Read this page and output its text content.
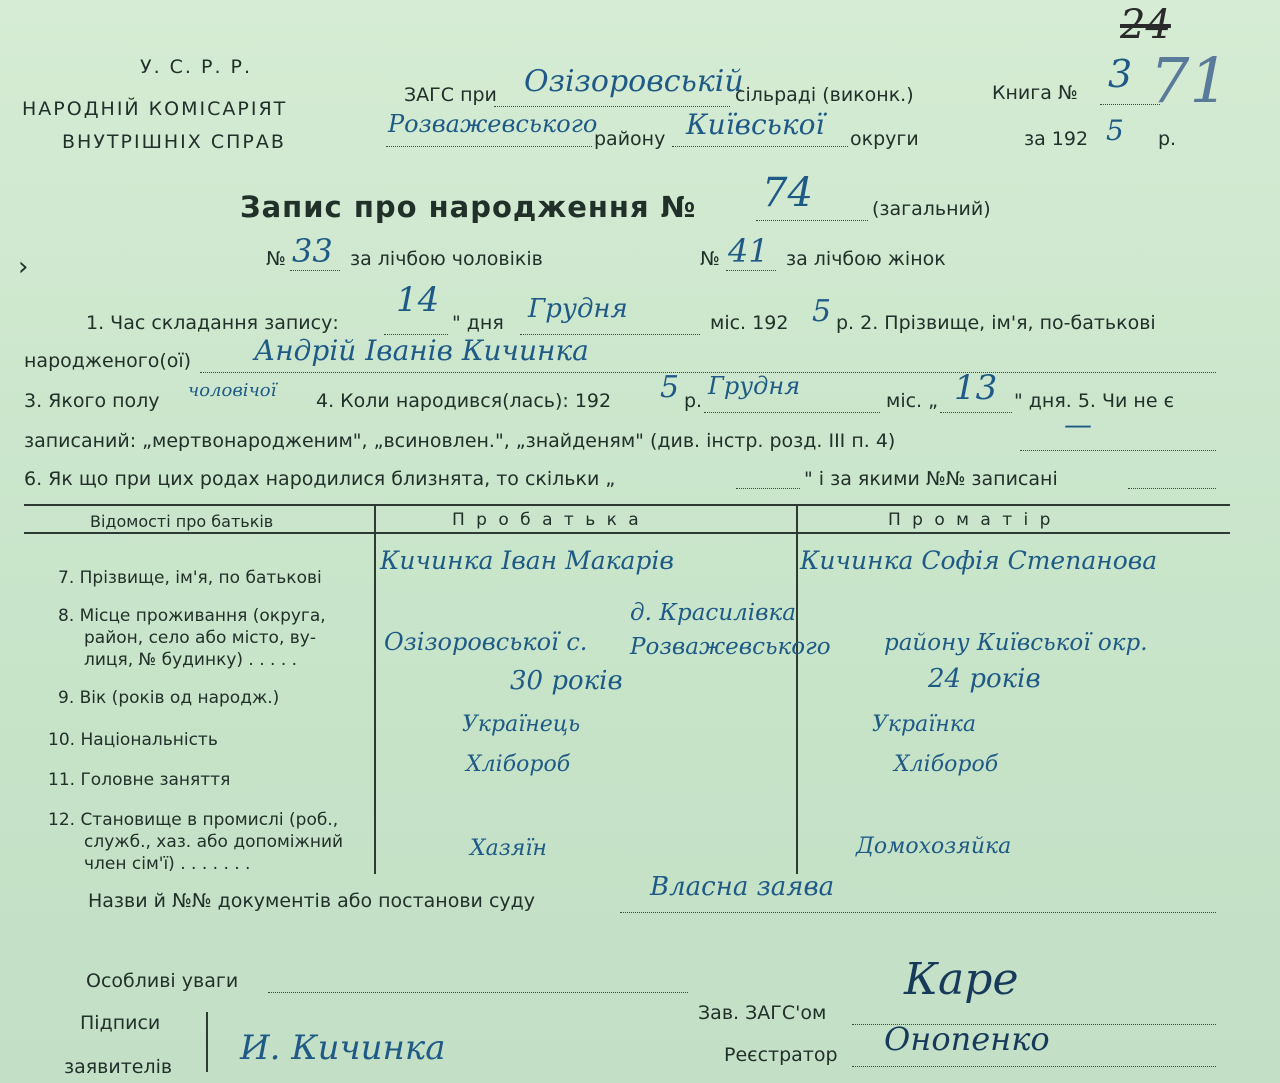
У. С. Р. Р.
НАРОДНІЙ КОМІСАРІЯТ
ВНУТРІШНІХ СПРАВ
ЗАГС при Озізоровській
сільраді (виконк.)	Книга № 3
24
71
Розважевського
району Київської округи	за 192 5 р.
Запис про народження № 74	(загальний)
№ 33 за лічбою чоловіків	№ 41 за лічбою жінок
1. Час складання запису:
14
" дня Грудня	міс. 192 5 р. 2. Прізвище, ім'я, по-батькові
народженого(ої) Андрій Іванів Кичинка
3. Якого полу чоловічої 4. Коли народився(лась): 192 5 р.
Грудня
міс. „ 13 " дня. 5. Чи не є
записаний: „мертвонародженим", „всиновлен.", „знайденям" (див. інстр. розд. III п. 4)	—
6. Як що при цих родах народилися близнята, то скільки „	" і за якими №№ записані
Відомості про батьків	П р о б а т ь к а	П р о м а т і р
7. Прізвище, ім'я, по батькові
Кичинка Іван Макарів	Кичинка Софія Степанова
8. Місце проживання (округа,
район, село або місто, ву-
лиця, № будинку) . . . . .
Озізоровської с.
д. Красилівка Розважевського	району Київської окр.
9. Вік (років од народж.)
30 років	24 років
10. Національність
Українець	Українка
11. Головне заняття
Хлібороб	Хлібороб
12. Становище в промислі (роб.,
служб., хаз. або допоміжний
член сім'ї) . . . . . . .
Хазяїн	Домохозяйка
Назви й №№ документів або постанови суду	Власна заява
Особливі уваги
Підписи
заявителів И. Кичинка
Зав. ЗАГС'ом
Каре
Реєстратор Онопенко
›
